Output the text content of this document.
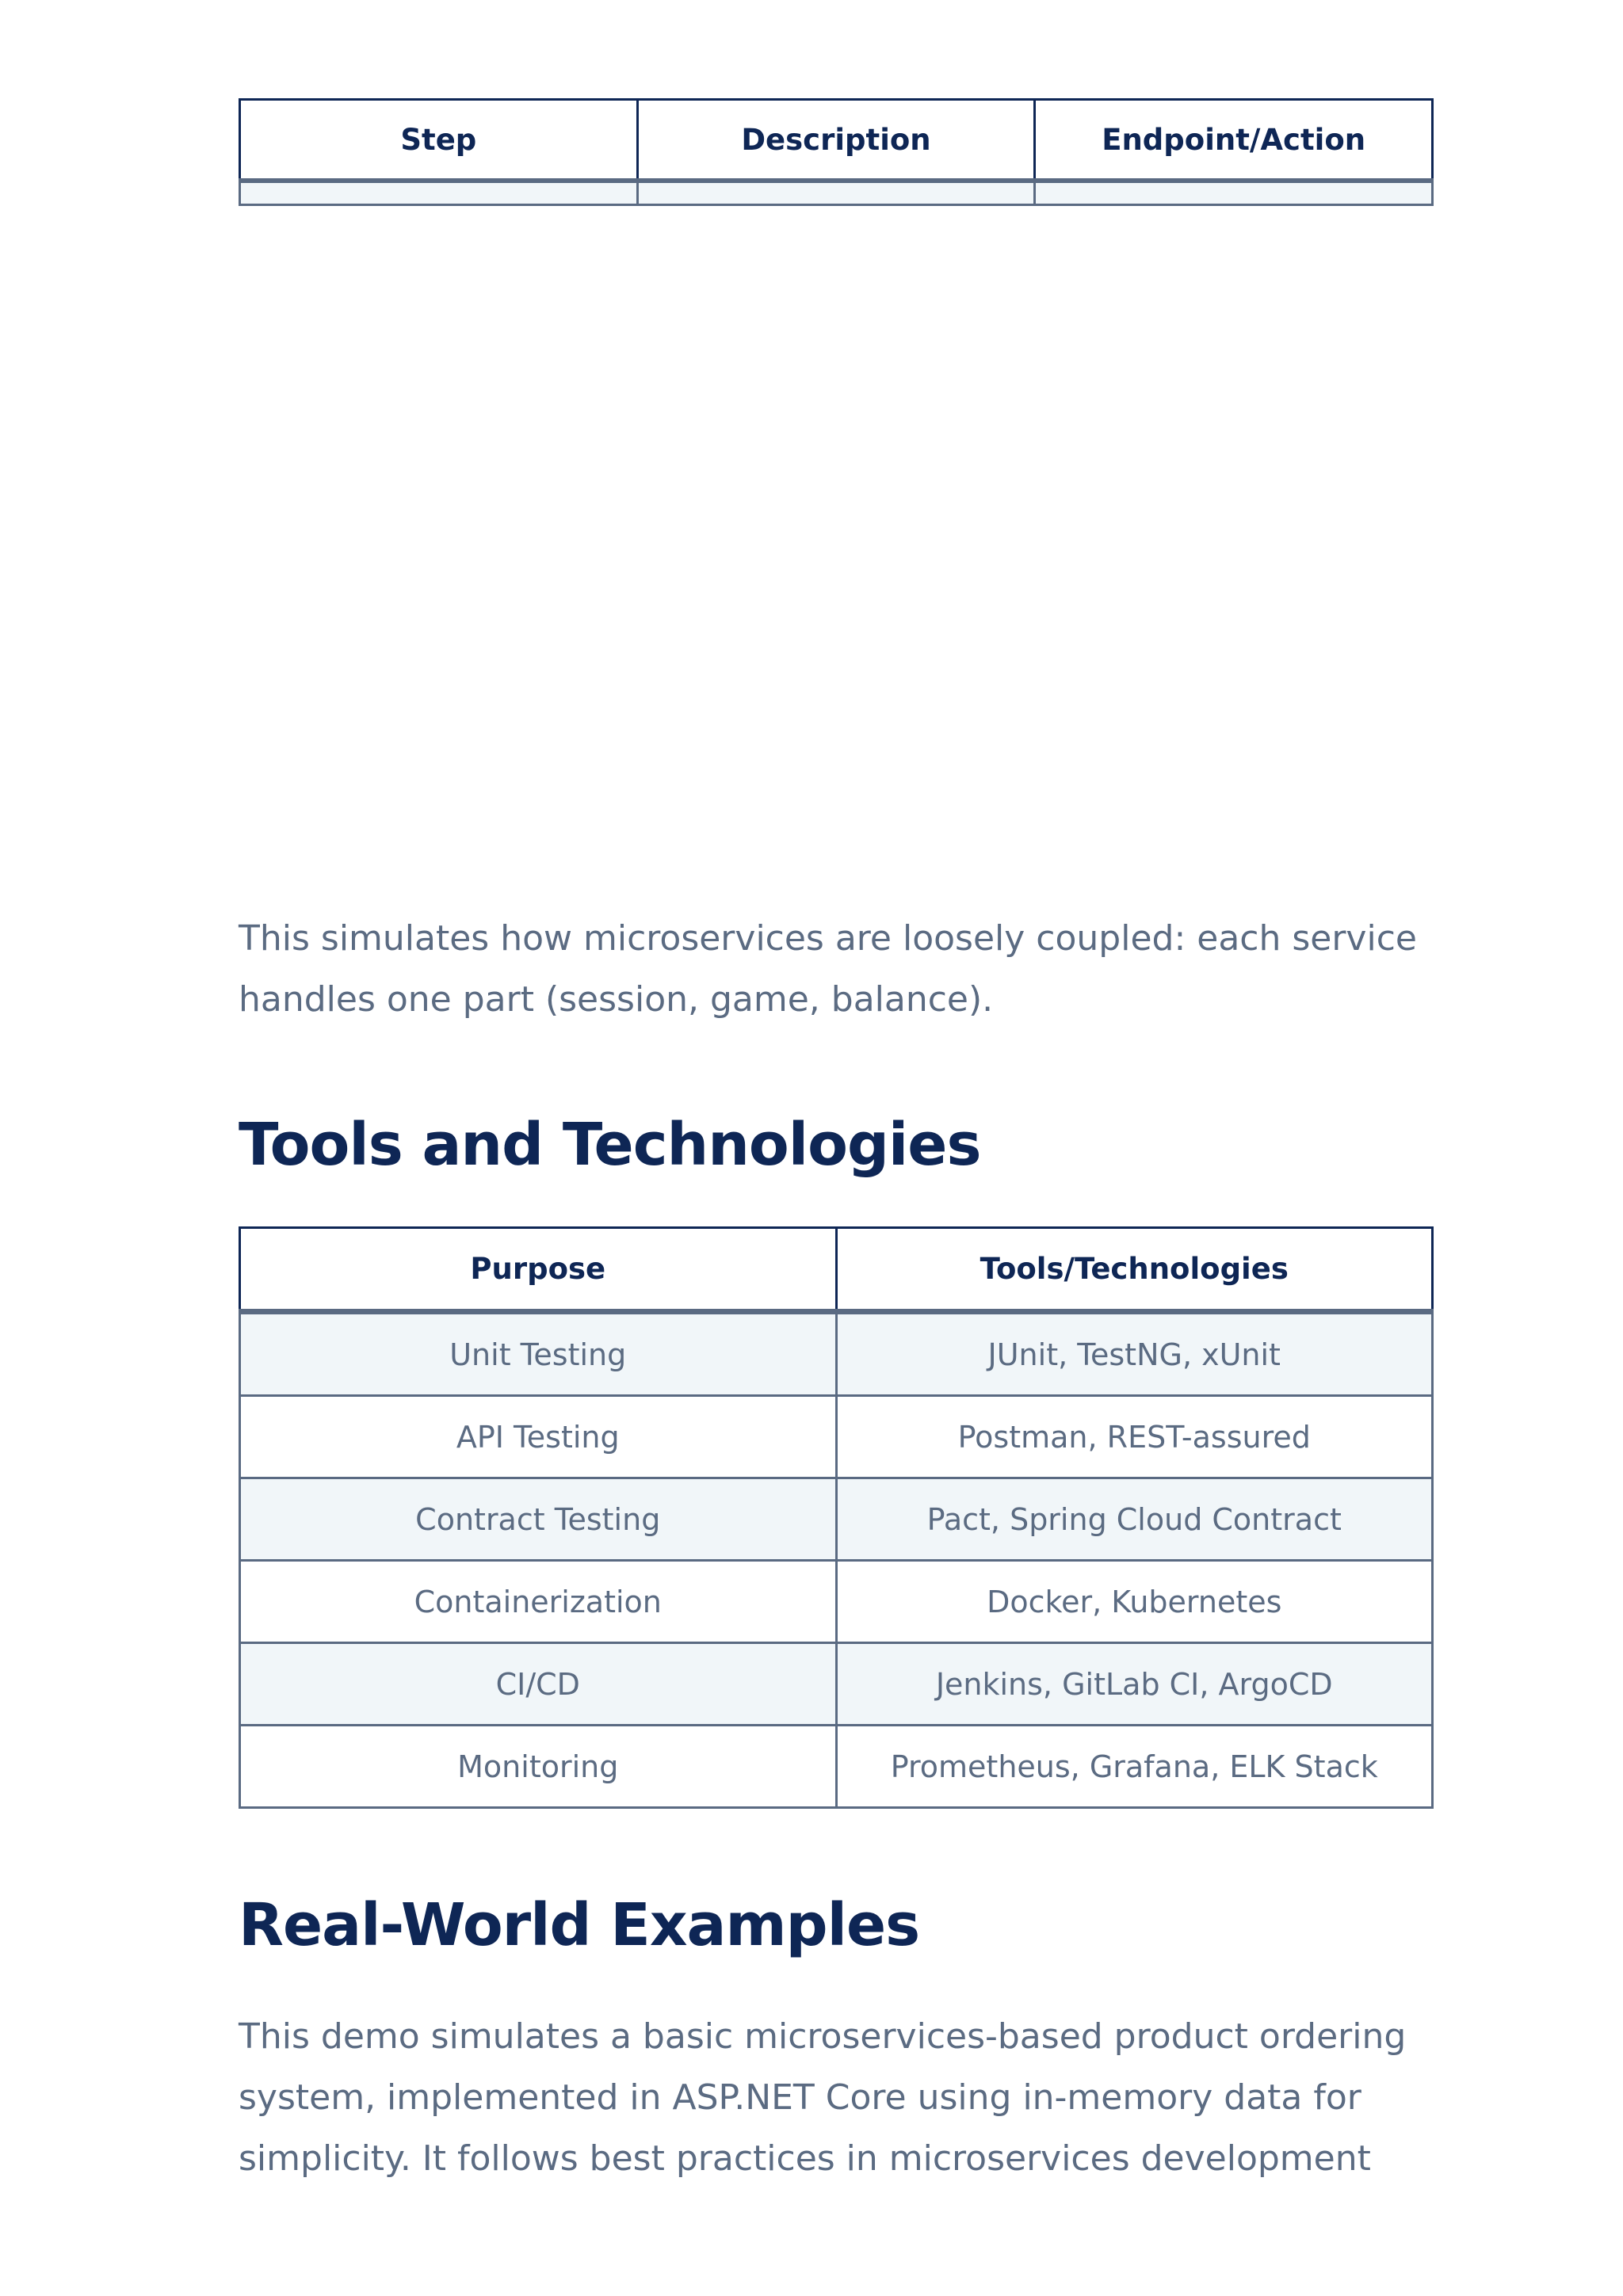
Step	Description	Endpoint/Action

This simulates how microservices are loosely coupled: each service handles one part (session, game, balance).

Tools and Technologies
Purpose	Tools/Technologies
Unit Testing	JUnit, TestNG, xUnit
API Testing	Postman, REST-assured
Contract Testing	Pact, Spring Cloud Contract
Containerization	Docker, Kubernetes
CI/CD	Jenkins, GitLab CI, ArgoCD
Monitoring	Prometheus, Grafana, ELK Stack
Real-World Examples

This demo simulates a basic microservices-based product ordering system, implemented in ASP.NET Core using in-memory data for simplicity. It follows best practices in microservices development
